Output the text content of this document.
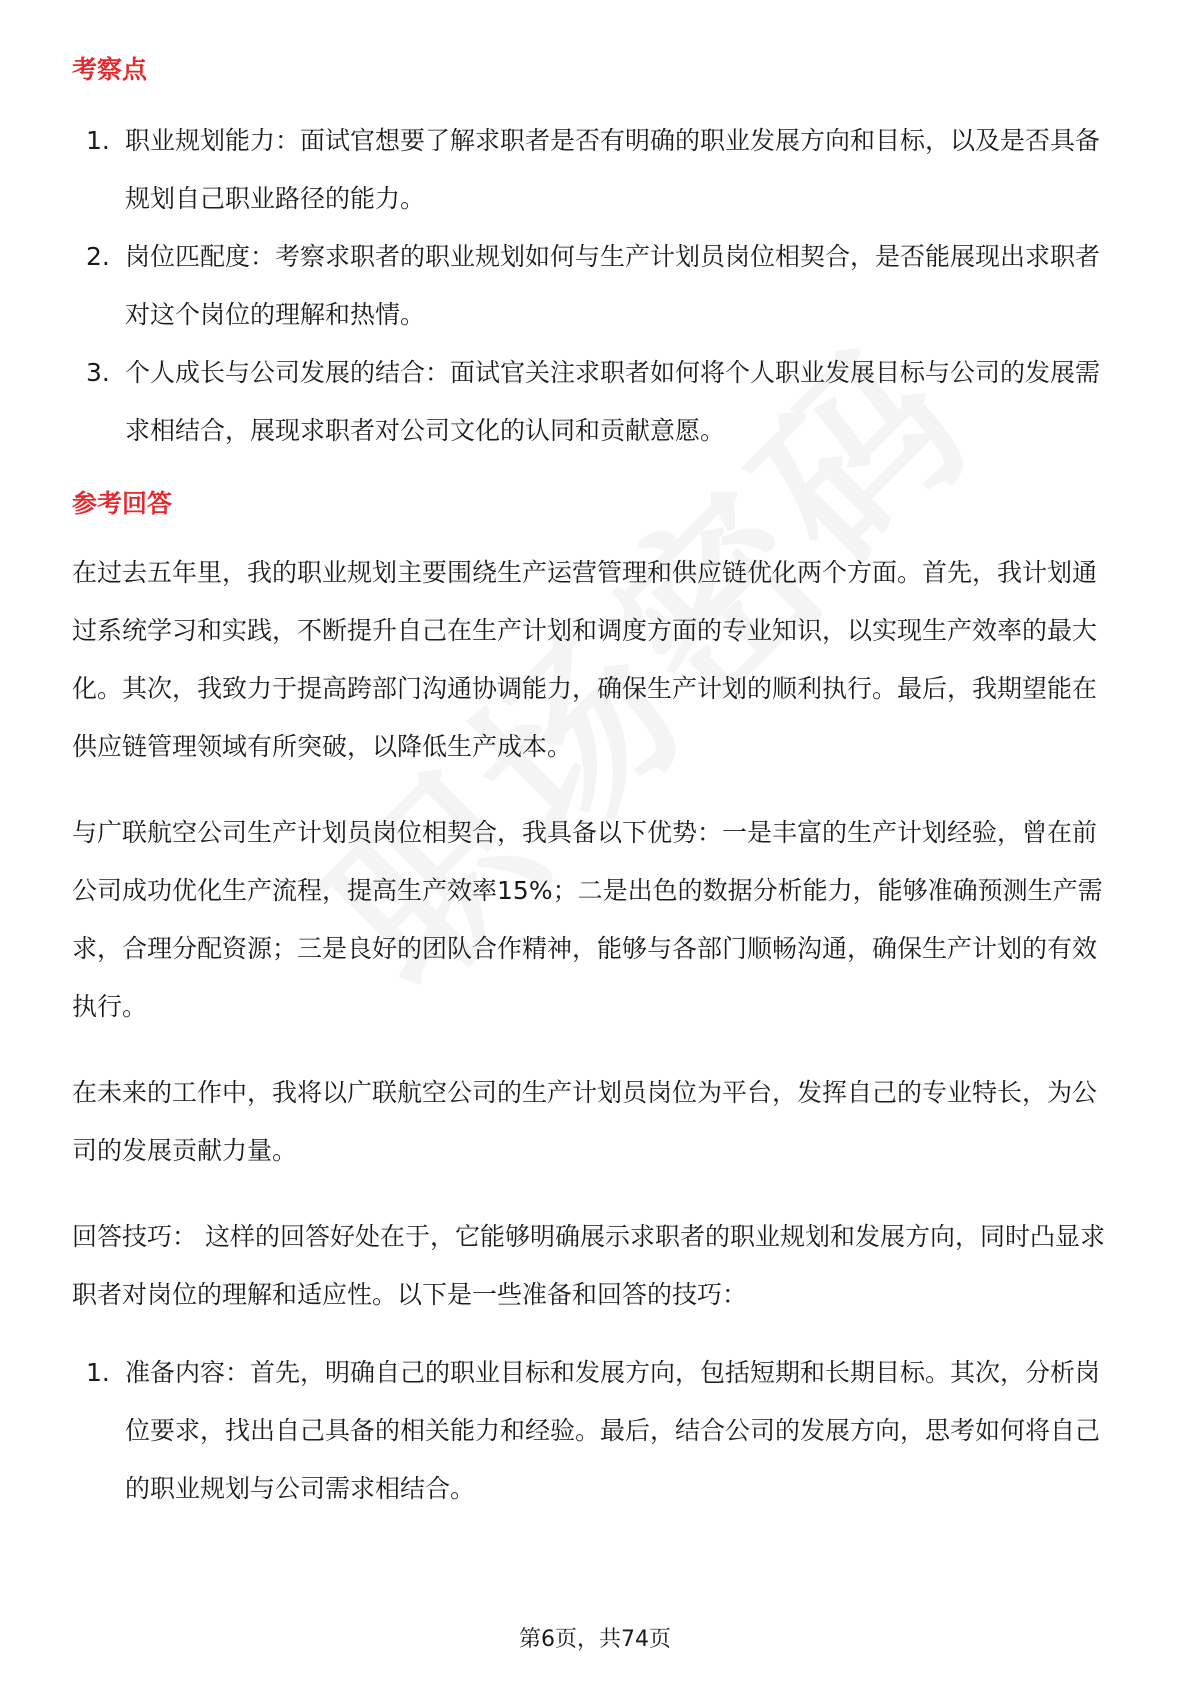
考察点
1. 职业规划能力：面试官想要了解求职者是否有明确的职业发展方向和目标，以及是否具备规划自己职业路径的能力。
2. 岗位匹配度：考察求职者的职业规划如何与生产计划员岗位相契合，是否能展现出求职者对这个岗位的理解和热情。
3. 个人成长与公司发展的结合：面试官关注求职者如何将个人职业发展目标与公司的发展需求相结合，展现求职者对公司文化的认同和贡献意愿。
参考回答

在过去五年里，我的职业规划主要围绕生产运营管理和供应链优化两个方面。首先，我计划通过系统学习和实践，不断提升自己在生产计划和调度方面的专业知识，以实现生产效率的最大化。其次，我致力于提高跨部门沟通协调能力，确保生产计划的顺利执行。最后，我期望能在供应链管理领域有所突破，以降低生产成本。

与广联航空公司生产计划员岗位相契合，我具备以下优势：一是丰富的生产计划经验，曾在前公司成功优化生产流程，提高生产效率15%；二是出色的数据分析能力，能够准确预测生产需求，合理分配资源；三是良好的团队合作精神，能够与各部门顺畅沟通，确保生产计划的有效执行。

在未来的工作中，我将以广联航空公司的生产计划员岗位为平台，发挥自己的专业特长，为公司的发展贡献力量。

回答技巧： 这样的回答好处在于，它能够明确展示求职者的职业规划和发展方向，同时凸显求职者对岗位的理解和适应性。以下是一些准备和回答的技巧：

1. 准备内容：首先，明确自己的职业目标和发展方向，包括短期和长期目标。其次，分析岗位要求，找出自己具备的相关能力和经验。最后，结合公司的发展方向，思考如何将自己的职业规划与公司需求相结合。
第6页，共74页
